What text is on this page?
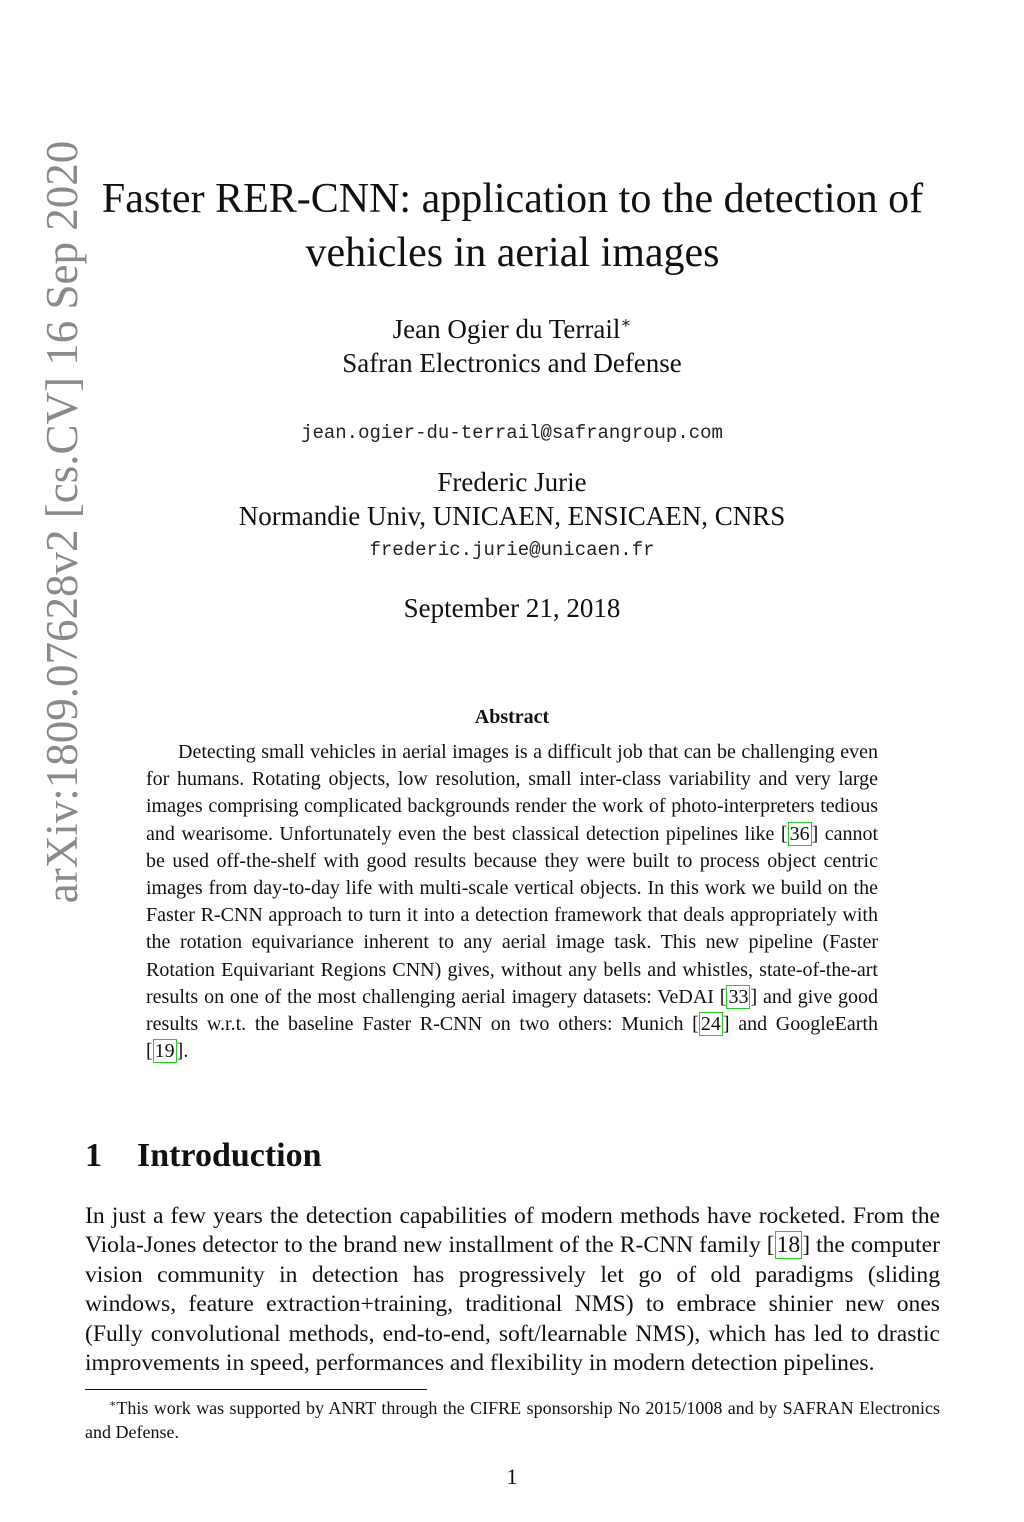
arXiv:1809.07628v2 [cs.CV] 16 Sep 2020 Faster RER-CNN: application to the detection of vehicles in aerial images
Jean Ogier du Terrail∗
Safran Electronics and Defense
jean.ogier-du-terrail@safrangroup.com
Frederic Jurie
Normandie Univ, UNICAEN, ENSICAEN, CNRS
frederic.jurie@unicaen.fr
September 21, 2018
Abstract
Detecting small vehicles in aerial images is a difficult job that can be challenging even for humans. Rotating objects, low resolution, small inter-class variability and very large images comprising complicated backgrounds render the work of photo-interpreters tedious and wearisome. Unfortunately even the best classical detection pipelines like [ 36 ] cannot be used off-the-shelf with good results because they were built to process object centric images from day-to-day life with multi-scale vertical objects. In this work we build on the Faster R-CNN approach to turn it into a detection framework that deals appropriately with the rotation equivariance inherent to any aerial image task. This new pipeline (Faster Rotation Equivariant Regions CNN) gives, without any bells and whistles, state-of-the-art results on one of the most challenging aerial imagery datasets: VeDAI [ 33 ] and give good results w.r.t. the baseline Faster R-CNN on two others: Munich [ 24 ] and GoogleEarth [ 19 ].
1 Introduction
In just a few years the detection capabilities of modern methods have rocketed. From the Viola-Jones detector to the brand new installment of the R-CNN family [18] the computer vision community in detection has progressively let go of old paradigms (sliding windows, feature extraction+training, traditional NMS) to embrace shinier new ones (Fully convolutional methods, end-to-end, soft/learnable NMS), which has led to drastic improvements in speed, performances and flexibility in modern detection pipelines.
∗This work was supported by ANRT through the CIFRE sponsorship No 2015/1008 and by SAFRAN Electronics and Defense.
1
